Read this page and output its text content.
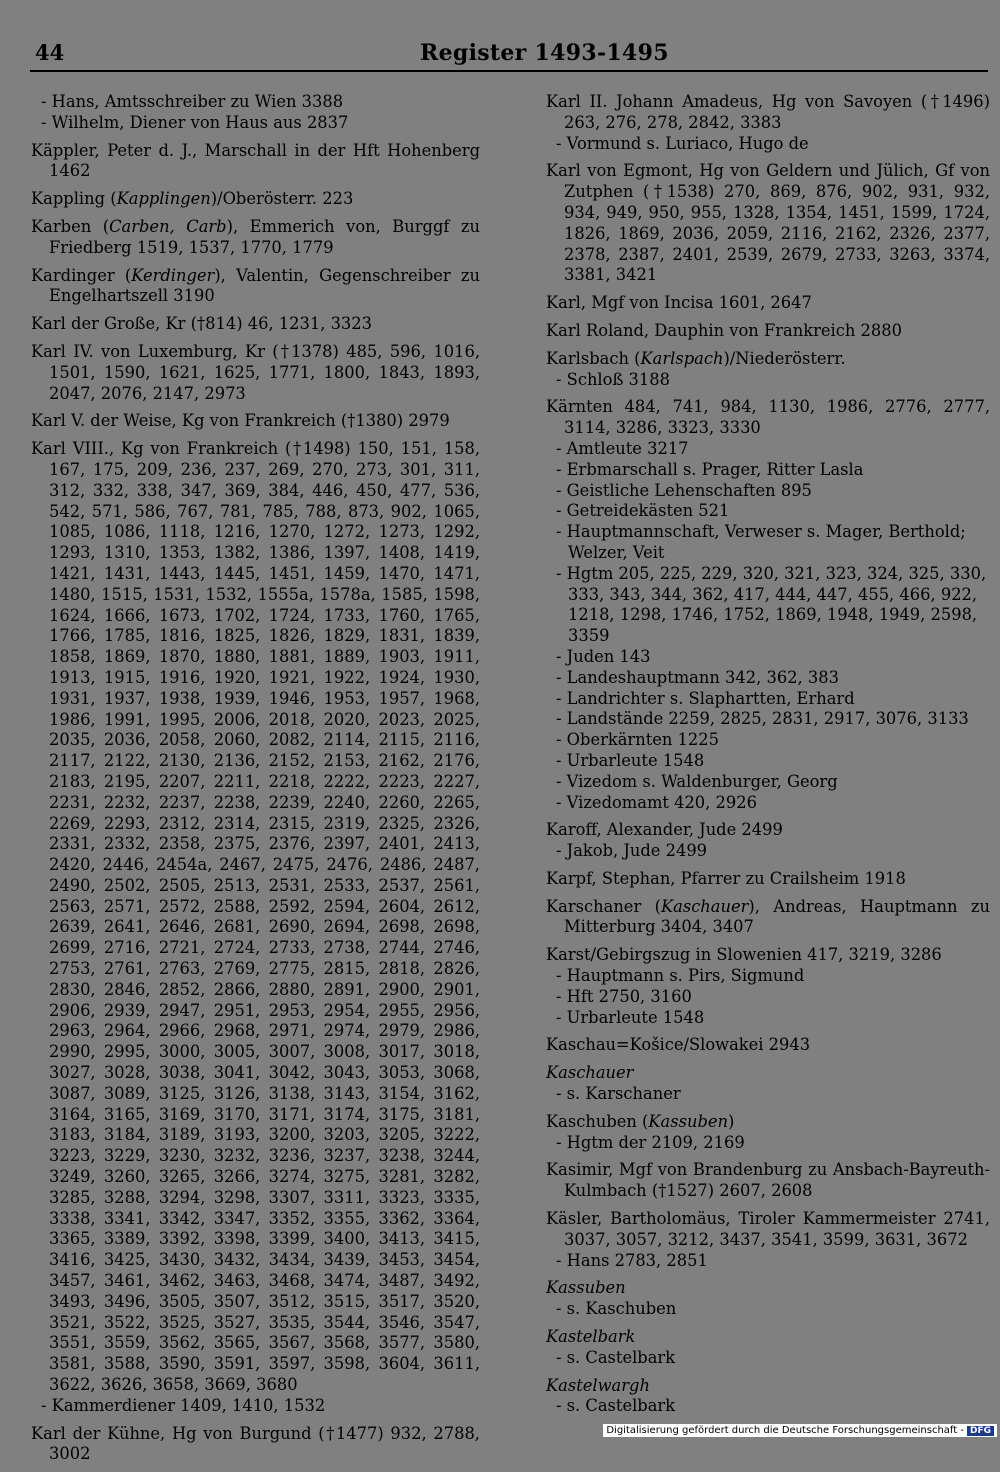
44	Register 1493-1495
- Hans, Amtsschreiber zu Wien 3388
- Wilhelm, Diener von Haus aus 2837
Käppler, Peter d. J., Marschall in der Hft Hohenberg 1462
Kappling (Kapplingen)/Oberösterr. 223
Karben (Carben, Carb), Emmerich von, Burggf zu Friedberg 1519, 1537, 1770, 1779
Kardinger (Kerdinger), Valentin, Gegenschreiber zu Engelhartszell 3190
Karl der Große, Kr (†814) 46, 1231, 3323
Karl IV. von Luxemburg, Kr (†1378) 485, 596, 1016, 1501, 1590, 1621, 1625, 1771, 1800, 1843, 1893, 2047, 2076, 2147, 2973
Karl V. der Weise, Kg von Frankreich (†1380) 2979
Karl VIII., Kg von Frankreich (†1498) 150, 151, 158, 167, 175, 209, 236, 237, 269, 270, 273, 301, 311, 312, 332, 338, 347, 369, 384, 446, 450, 477, 536, 542, 571, 586, 767, 781, 785, 788, 873, 902, 1065, 1085, 1086, 1118, 1216, 1270, 1272, 1273, 1292, 1293, 1310, 1353, 1382, 1386, 1397, 1408, 1419, 1421, 1431, 1443, 1445, 1451, 1459, 1470, 1471, 1480, 1515, 1531, 1532, 1555a, 1578a, 1585, 1598, 1624, 1666, 1673, 1702, 1724, 1733, 1760, 1765, 1766, 1785, 1816, 1825, 1826, 1829, 1831, 1839, 1858, 1869, 1870, 1880, 1881, 1889, 1903, 1911, 1913, 1915, 1916, 1920, 1921, 1922, 1924, 1930, 1931, 1937, 1938, 1939, 1946, 1953, 1957, 1968, 1986, 1991, 1995, 2006, 2018, 2020, 2023, 2025, 2035, 2036, 2058, 2060, 2082, 2114, 2115, 2116, 2117, 2122, 2130, 2136, 2152, 2153, 2162, 2176, 2183, 2195, 2207, 2211, 2218, 2222, 2223, 2227, 2231, 2232, 2237, 2238, 2239, 2240, 2260, 2265, 2269, 2293, 2312, 2314, 2315, 2319, 2325, 2326, 2331, 2332, 2358, 2375, 2376, 2397, 2401, 2413, 2420, 2446, 2454a, 2467, 2475, 2476, 2486, 2487, 2490, 2502, 2505, 2513, 2531, 2533, 2537, 2561, 2563, 2571, 2572, 2588, 2592, 2594, 2604, 2612, 2639, 2641, 2646, 2681, 2690, 2694, 2698, 2698, 2699, 2716, 2721, 2724, 2733, 2738, 2744, 2746, 2753, 2761, 2763, 2769, 2775, 2815, 2818, 2826, 2830, 2846, 2852, 2866, 2880, 2891, 2900, 2901, 2906, 2939, 2947, 2951, 2953, 2954, 2955, 2956, 2963, 2964, 2966, 2968, 2971, 2974, 2979, 2986, 2990, 2995, 3000, 3005, 3007, 3008, 3017, 3018, 3027, 3028, 3038, 3041, 3042, 3043, 3053, 3068, 3087, 3089, 3125, 3126, 3138, 3143, 3154, 3162, 3164, 3165, 3169, 3170, 3171, 3174, 3175, 3181, 3183, 3184, 3189, 3193, 3200, 3203, 3205, 3222, 3223, 3229, 3230, 3232, 3236, 3237, 3238, 3244, 3249, 3260, 3265, 3266, 3274, 3275, 3281, 3282, 3285, 3288, 3294, 3298, 3307, 3311, 3323, 3335, 3338, 3341, 3342, 3347, 3352, 3355, 3362, 3364, 3365, 3389, 3392, 3398, 3399, 3400, 3413, 3415, 3416, 3425, 3430, 3432, 3434, 3439, 3453, 3454, 3457, 3461, 3462, 3463, 3468, 3474, 3487, 3492, 3493, 3496, 3505, 3507, 3512, 3515, 3517, 3520, 3521, 3522, 3525, 3527, 3535, 3544, 3546, 3547, 3551, 3559, 3562, 3565, 3567, 3568, 3577, 3580, 3581, 3588, 3590, 3591, 3597, 3598, 3604, 3611, 3622, 3626, 3658, 3669, 3680
- Kammerdiener 1409, 1410, 1532
Karl der Kühne, Hg von Burgund (†1477) 932, 2788, 3002
Karl II. Johann Amadeus, Hg von Savoyen (†1496) 263, 276, 278, 2842, 3383
- Vormund s. Luriaco, Hugo de
Karl von Egmont, Hg von Geldern und Jülich, Gf von Zutphen (†1538) 270, 869, 876, 902, 931, 932, 934, 949, 950, 955, 1328, 1354, 1451, 1599, 1724, 1826, 1869, 2036, 2059, 2116, 2162, 2326, 2377, 2378, 2387, 2401, 2539, 2679, 2733, 3263, 3374, 3381, 3421
Karl, Mgf von Incisa 1601, 2647
Karl Roland, Dauphin von Frankreich 2880
Karlsbach (Karlspach)/Niederösterr.
- Schloß 3188
Kärnten 484, 741, 984, 1130, 1986, 2776, 2777, 3114, 3286, 3323, 3330
- Amtleute 3217
- Erbmarschall s. Prager, Ritter Lasla
- Geistliche Lehenschaften 895
- Getreidekästen 521
- Hauptmannschaft, Verweser s. Mager, Berthold; Welzer, Veit
- Hgtm 205, 225, 229, 320, 321, 323, 324, 325, 330, 333, 343, 344, 362, 417, 444, 447, 455, 466, 922, 1218, 1298, 1746, 1752, 1869, 1948, 1949, 2598, 3359
- Juden 143
- Landeshauptmann 342, 362, 383
- Landrichter s. Slaphartten, Erhard
- Landstände 2259, 2825, 2831, 2917, 3076, 3133
- Oberkärnten 1225
- Urbarleute 1548
- Vizedom s. Waldenburger, Georg
- Vizedomamt 420, 2926
Karoff, Alexander, Jude 2499
- Jakob, Jude 2499
Karpf, Stephan, Pfarrer zu Crailsheim 1918
Karschaner (Kaschauer), Andreas, Hauptmann zu Mitterburg 3404, 3407
Karst/Gebirgszug in Slowenien 417, 3219, 3286
- Hauptmann s. Pirs, Sigmund
- Hft 2750, 3160
- Urbarleute 1548
Kaschau=Košice/Slowakei 2943
Kaschauer
- s. Karschaner
Kaschuben (Kassuben)
- Hgtm der 2109, 2169
Kasimir, Mgf von Brandenburg zu Ansbach-Bayreuth-Kulmbach (†1527) 2607, 2608
Käsler, Bartholomäus, Tiroler Kammermeister 2741, 3037, 3057, 3212, 3437, 3541, 3599, 3631, 3672
- Hans 2783, 2851
Kassuben
- s. Kaschuben
Kastelbark
- s. Castelbark
Kastelwargh
- s. Castelbark
Digitalisierung gefördert durch die Deutsche Forschungsgemeinschaft - DFG
